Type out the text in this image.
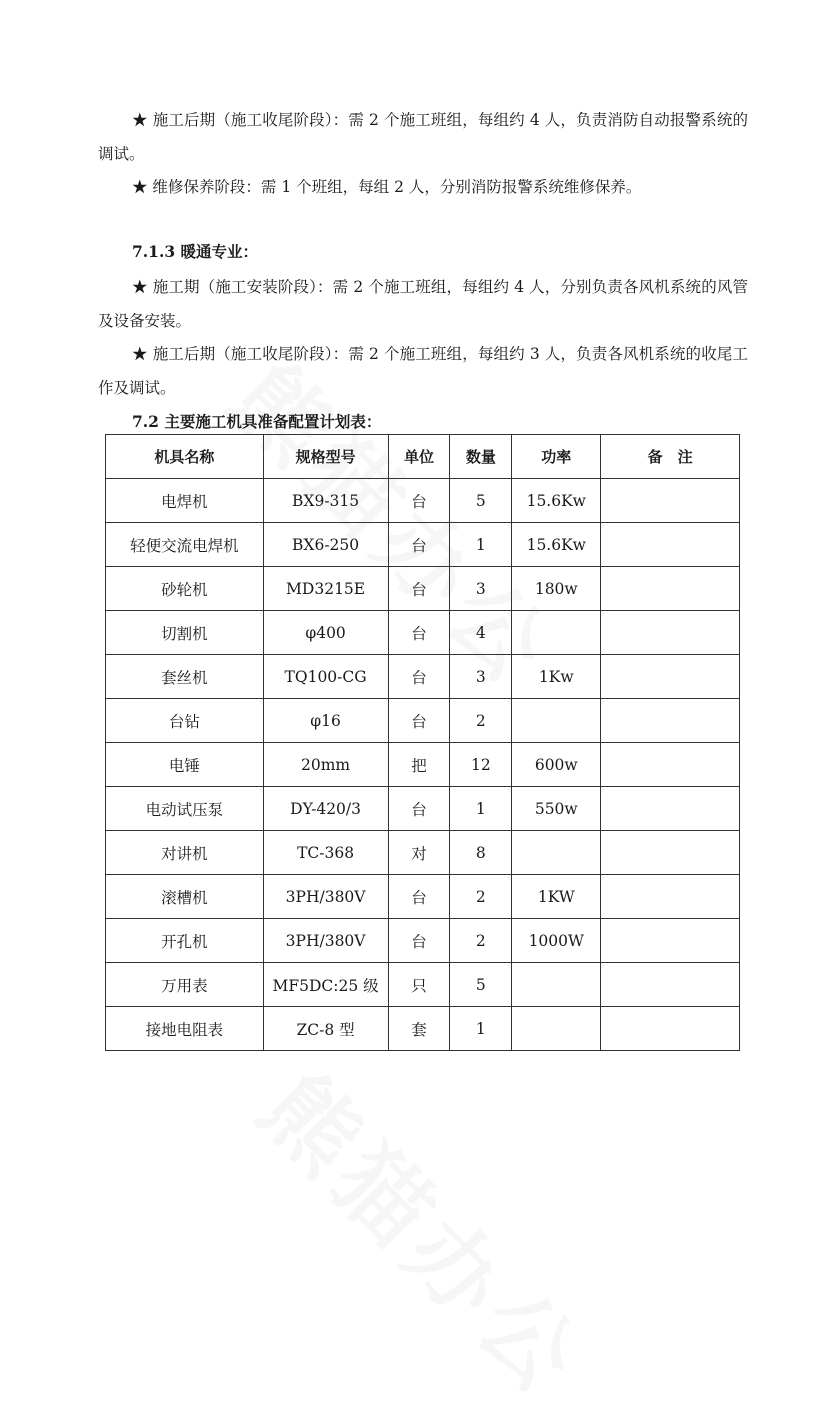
★ 施工后期（施工收尾阶段）：需 2 个施工班组，每组约 4 人，负责消防自动报警系统的调试。
★ 维修保养阶段：需 1 个班组，每组 2 人，分别消防报警系统维修保养。
7.1.3 暖通专业：
★ 施工期（施工安装阶段）：需 2 个施工班组，每组约 4 人，分别负责各风机系统的风管及设备安装。
★ 施工后期（施工收尾阶段）：需 2 个施工班组，每组约 3 人，负责各风机系统的收尾工作及调试。
7.2 主要施工机具准备配置计划表：
机具名称	规格型号	单位	数量	功率	备　注
电焊机	BX9-315	台	5	15.6Kw	
轻便交流电焊机	BX6-250	台	1	15.6Kw	
砂轮机	MD3215E	台	3	180w	
切割机	φ400	台	4		
套丝机	TQ100-CG	台	3	1Kw	
台钻	φ16	台	2		
电锤	20mm	把	12	600w	
电动试压泵	DY-420/3	台	1	550w	
对讲机	TC-368	对	8		
滚槽机	3PH/380V	台	2	1KW	
开孔机	3PH/380V	台	2	1000W	
万用表	MF5DC:25 级	只	5		
接地电阻表	ZC-8 型	套	1		
